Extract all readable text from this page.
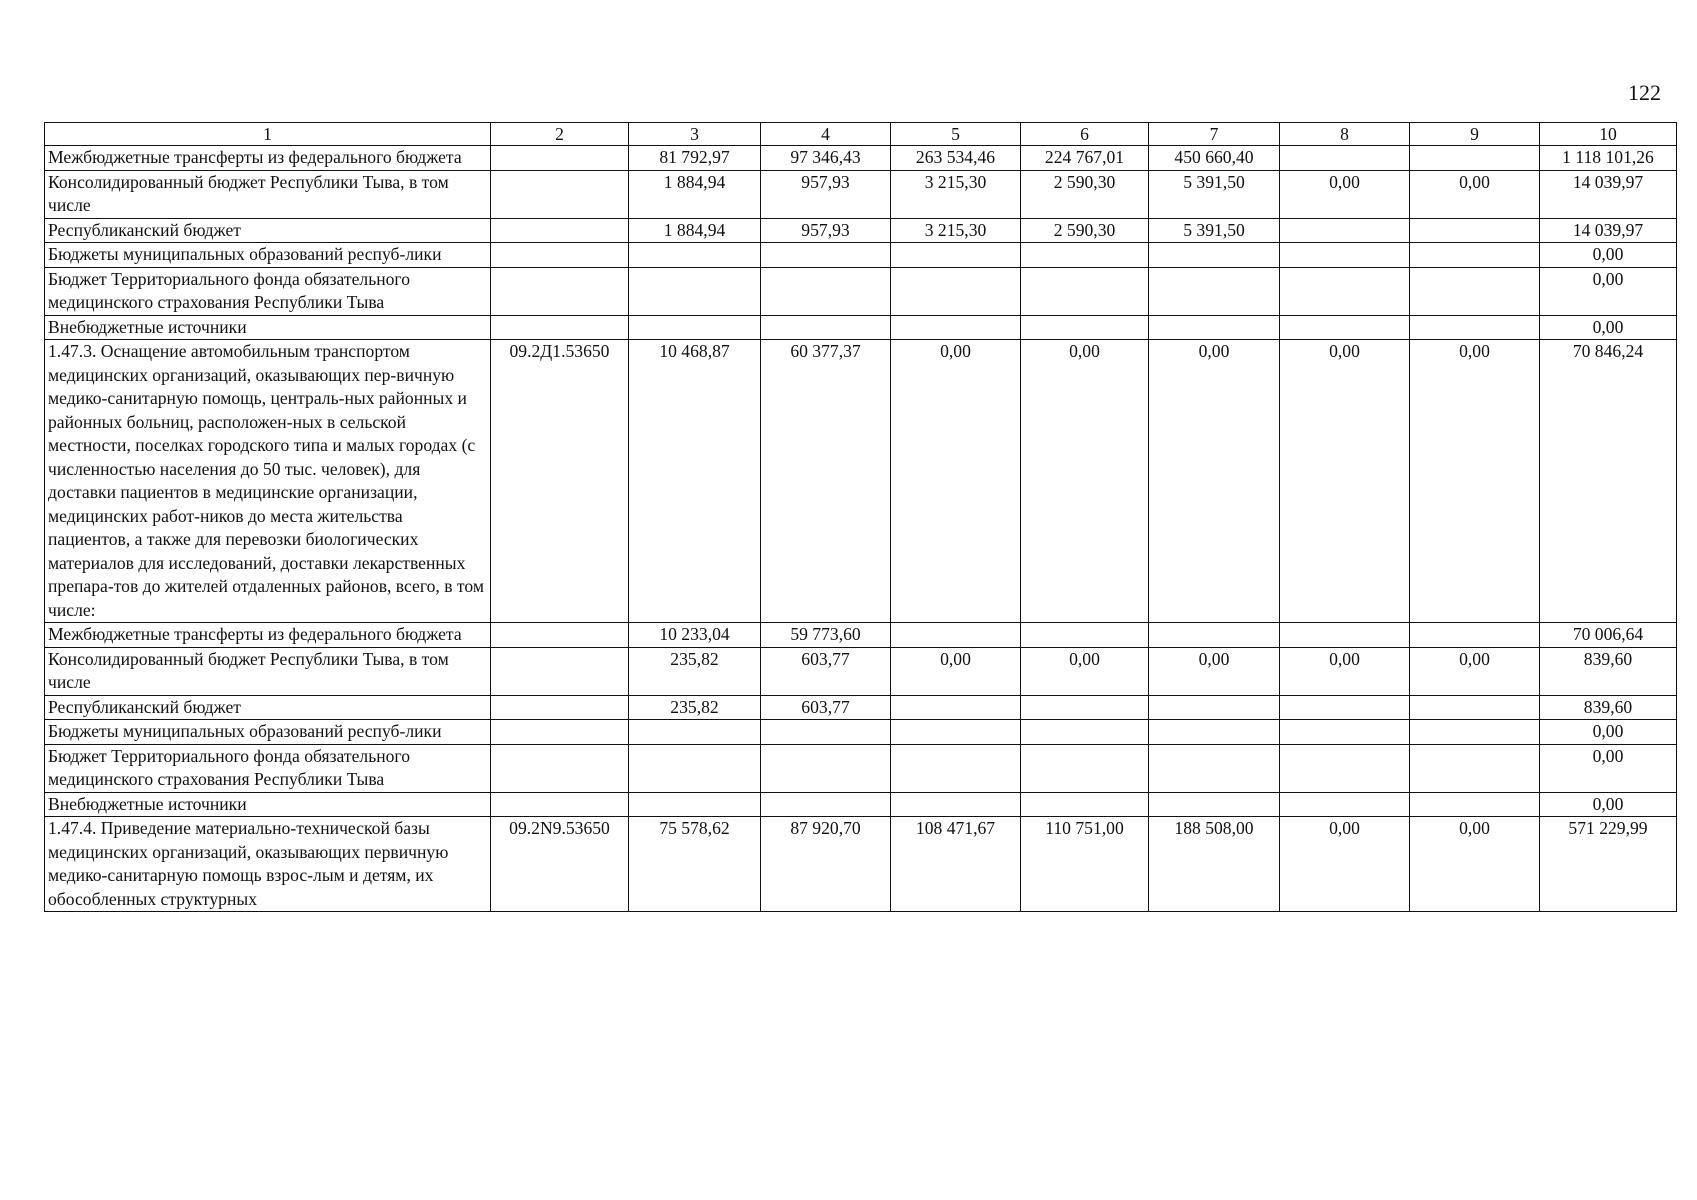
122
1	2	3	4	5	6	7	8	9	10
Межбюджетные трансферты из федерального бюджета		81 792,97	97 346,43	263 534,46	224 767,01	450 660,40			1 118 101,26
Консолидированный бюджет Республики Тыва, в том числе		1 884,94	957,93	3 215,30	2 590,30	5 391,50	0,00	0,00	14 039,97
Республиканский бюджет		1 884,94	957,93	3 215,30	2 590,30	5 391,50			14 039,97
Бюджеты муниципальных образований респуб-лики									0,00
Бюджет Территориального фонда обязательного медицинского страхования Республики Тыва									0,00
Внебюджетные источники									0,00
1.47.3. Оснащение автомобильным транспортом медицинских организаций, оказывающих пер-вичную медико-санитарную помощь, централь-ных районных и районных больниц, расположен-ных в сельской местности, поселках городского типа и малых городах (с численностью населения до 50 тыс. человек), для доставки пациентов в медицинские организации, медицинских работ-ников до места жительства пациентов, а также для перевозки биологических материалов для исследований, доставки лекарственных препара-тов до жителей отдаленных районов, всего, в том числе:	09.2Д1.53650	10 468,87	60 377,37	0,00	0,00	0,00	0,00	0,00	70 846,24
Межбюджетные трансферты из федерального бюджета		10 233,04	59 773,60						70 006,64
Консолидированный бюджет Республики Тыва, в том числе		235,82	603,77	0,00	0,00	0,00	0,00	0,00	839,60
Республиканский бюджет		235,82	603,77						839,60
Бюджеты муниципальных образований респуб-лики									0,00
Бюджет Территориального фонда обязательного медицинского страхования Республики Тыва									0,00
Внебюджетные источники									0,00
1.47.4. Приведение материально-технической базы медицинских организаций, оказывающих первичную медико-санитарную помощь взрос-лым и детям, их обособленных структурных	09.2N9.53650	75 578,62	87 920,70	108 471,67	110 751,00	188 508,00	0,00	0,00	571 229,99
